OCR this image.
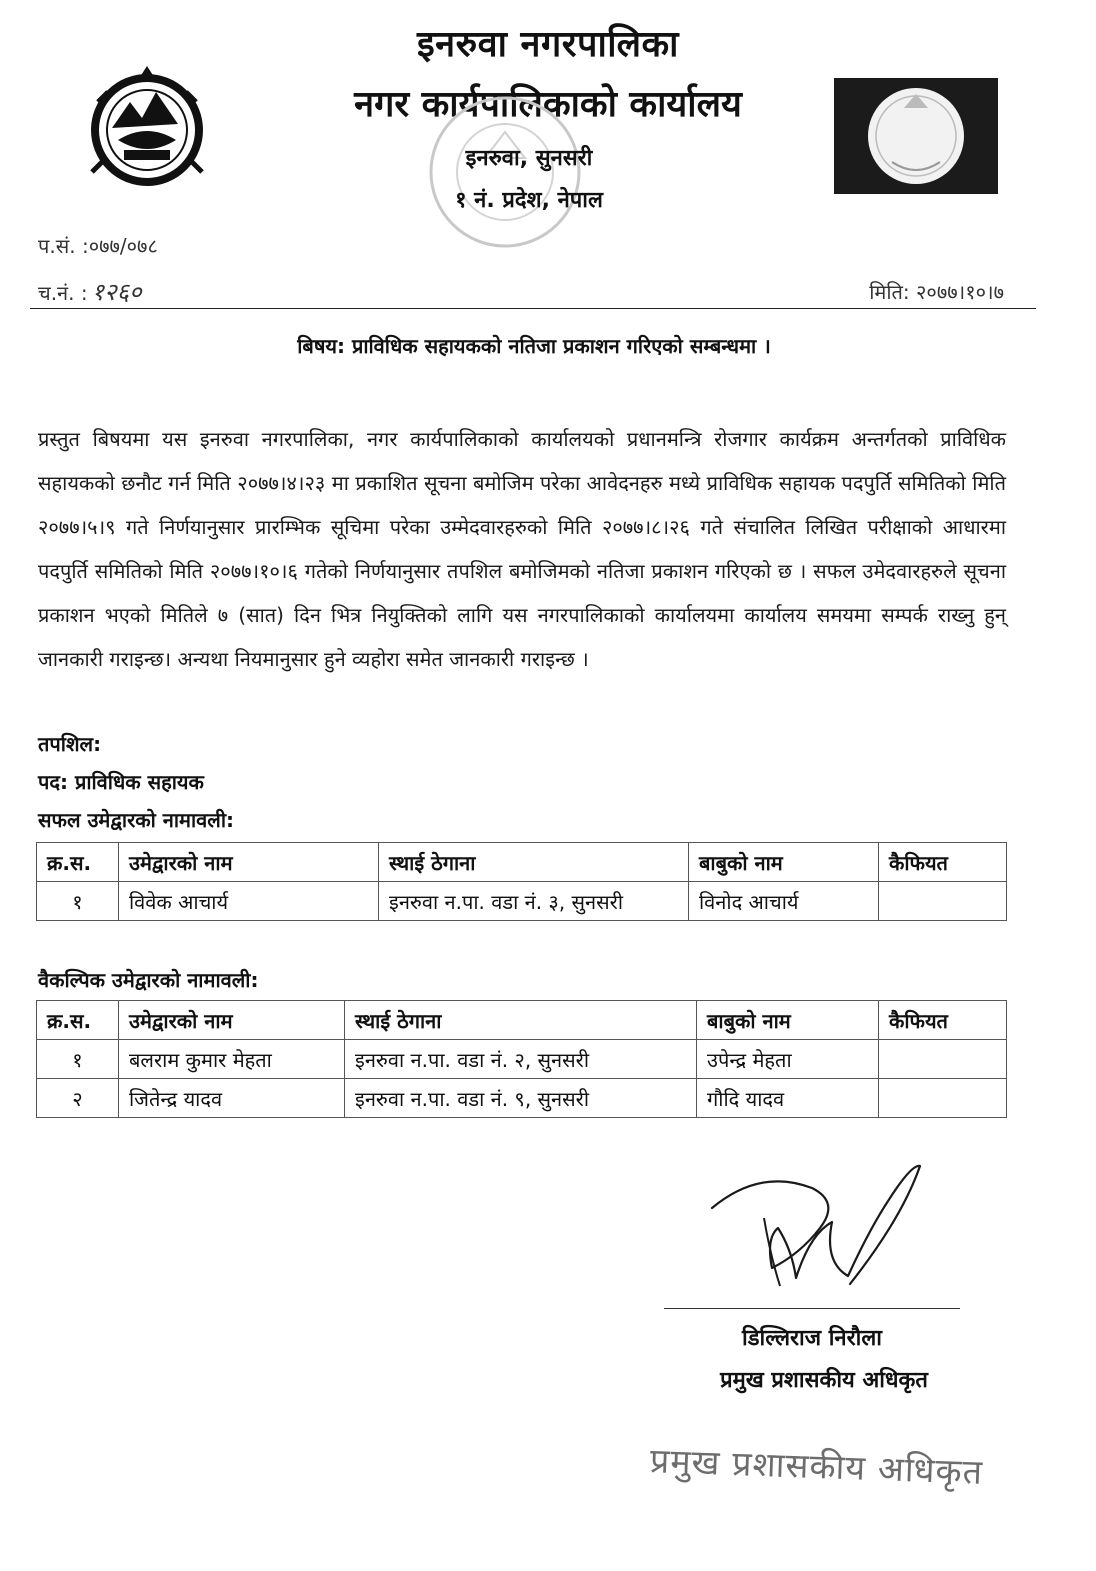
इनरुवा नगरपालिका
नगर कार्यपालिकाको कार्यालय
इनरुवा, सुनसरी
१ नं. प्रदेश, नेपाल
प.सं. :०७७/०७८
च.नं. : १२६०	मिति: २०७७।१०।७
बिषय: प्राविधिक सहायकको नतिजा प्रकाशन गरिएको सम्बन्धमा ।
प्रस्तुत बिषयमा यस इनरुवा नगरपालिका, नगर कार्यपालिकाको कार्यालयको प्रधानमन्त्रि रोजगार कार्यक्रम अन्तर्गतको प्राविधिक सहायकको छनौट गर्न मिति २०७७।४।२३ मा प्रकाशित सूचना बमोजिम परेका आवेदनहरु मध्ये प्राविधिक सहायक पदपुर्ति समितिको मिति २०७७।५।९ गते निर्णयानुसार प्रारम्भिक सूचिमा परेका उम्मेदवारहरुको मिति २०७७।८।२६ गते संचालित लिखित परीक्षाको आधारमा पदपुर्ति समितिको मिति २०७७।१०।६ गतेको निर्णयानुसार तपशिल बमोजिमको नतिजा प्रकाशन गरिएको छ । सफल उमेदवारहरुले सूचना प्रकाशन भएको मितिले ७ (सात) दिन भित्र नियुक्तिको लागि यस नगरपालिकाको कार्यालयमा कार्यालय समयमा सम्पर्क राख्नु हुन् जानकारी गराइन्छ। अन्यथा नियमानुसार हुने व्यहोरा समेत जानकारी गराइन्छ ।
तपशिल:
पद: प्राविधिक सहायक
सफल उमेद्वारको नामावली:
क्र.स.	उमेद्वारको नाम	स्थाई ठेगाना	बाबुको नाम	कैफियत
१	विवेक आचार्य	इनरुवा न.पा. वडा नं. ३, सुनसरी	विनोद आचार्य	
वैकल्पिक उमेद्वारको नामावली:
क्र.स.	उमेद्वारको नाम	स्थाई ठेगाना	बाबुको नाम	कैफियत
१	बलराम कुमार मेहता	इनरुवा न.पा. वडा नं. २, सुनसरी	उपेन्द्र मेहता	
२	जितेन्द्र यादव	इनरुवा न.पा. वडा नं. ९, सुनसरी	गौदि यादव	
डिल्लिराज निरौला
प्रमुख प्रशासकीय अधिकृत
प्रमुख प्रशासकीय अधिकृत
